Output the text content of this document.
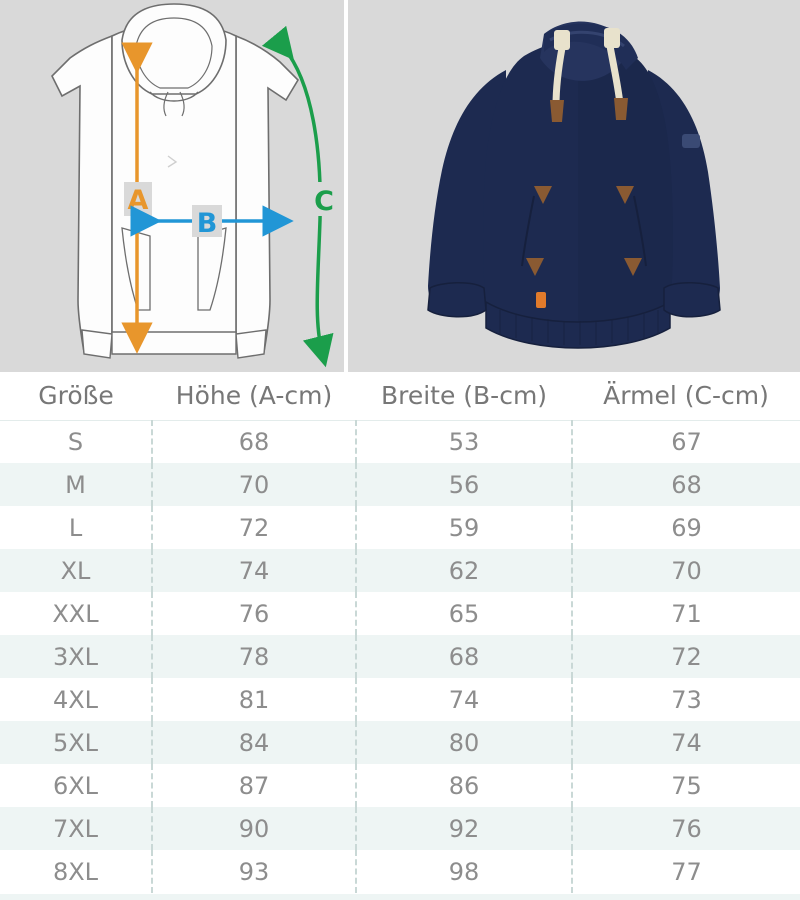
A
B
C
Größe	Höhe (A-cm)	Breite (B-cm)	Ärmel (C-cm)
S	68	53	67
M	70	56	68
L	72	59	69
XL	74	62	70
XXL	76	65	71
3XL	78	68	72
4XL	81	74	73
5XL	84	80	74
6XL	87	86	75
7XL	90	92	76
8XL	93	98	77
